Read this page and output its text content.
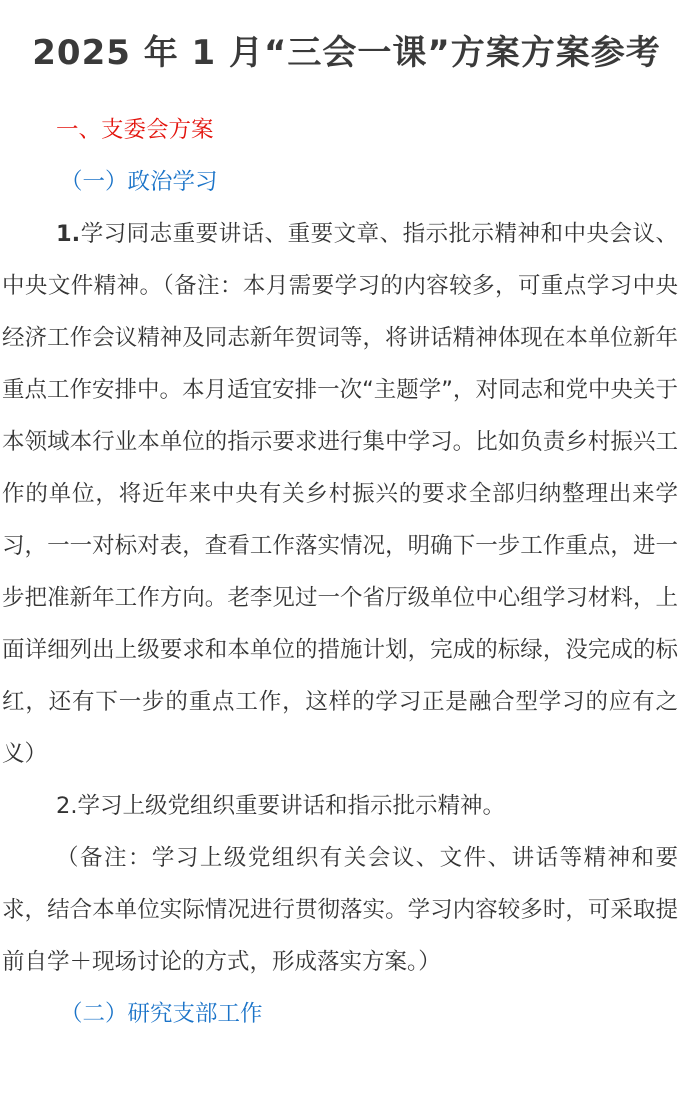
2025 年 1 月“三会一课”方案方案参考

一、支委会方案

（一）政治学习

1.学习同志重要讲话、重要文章、指示批示精神和中央会议、中央文件精神。（备注：本月需要学习的内容较多，可重点学习中央经济工作会议精神及同志新年贺词等，将讲话精神体现在本单位新年重点工作安排中。本月适宜安排一次“主题学”，对同志和党中央关于本领域本行业本单位的指示要求进行集中学习。比如负责乡村振兴工作的单位，将近年来中央有关乡村振兴的要求全部归纳整理出来学习，一一对标对表，查看工作落实情况，明确下一步工作重点，进一步把准新年工作方向。老李见过一个省厅级单位中心组学习材料，上面详细列出上级要求和本单位的措施计划，完成的标绿，没完成的标红，还有下一步的重点工作，这样的学习正是融合型学习的应有之义）

2.学习上级党组织重要讲话和指示批示精神。

（备注：学习上级党组织有关会议、文件、讲话等精神和要求，结合本单位实际情况进行贯彻落实。学习内容较多时，可采取提前自学＋现场讨论的方式，形成落实方案。）

（二）研究支部工作
